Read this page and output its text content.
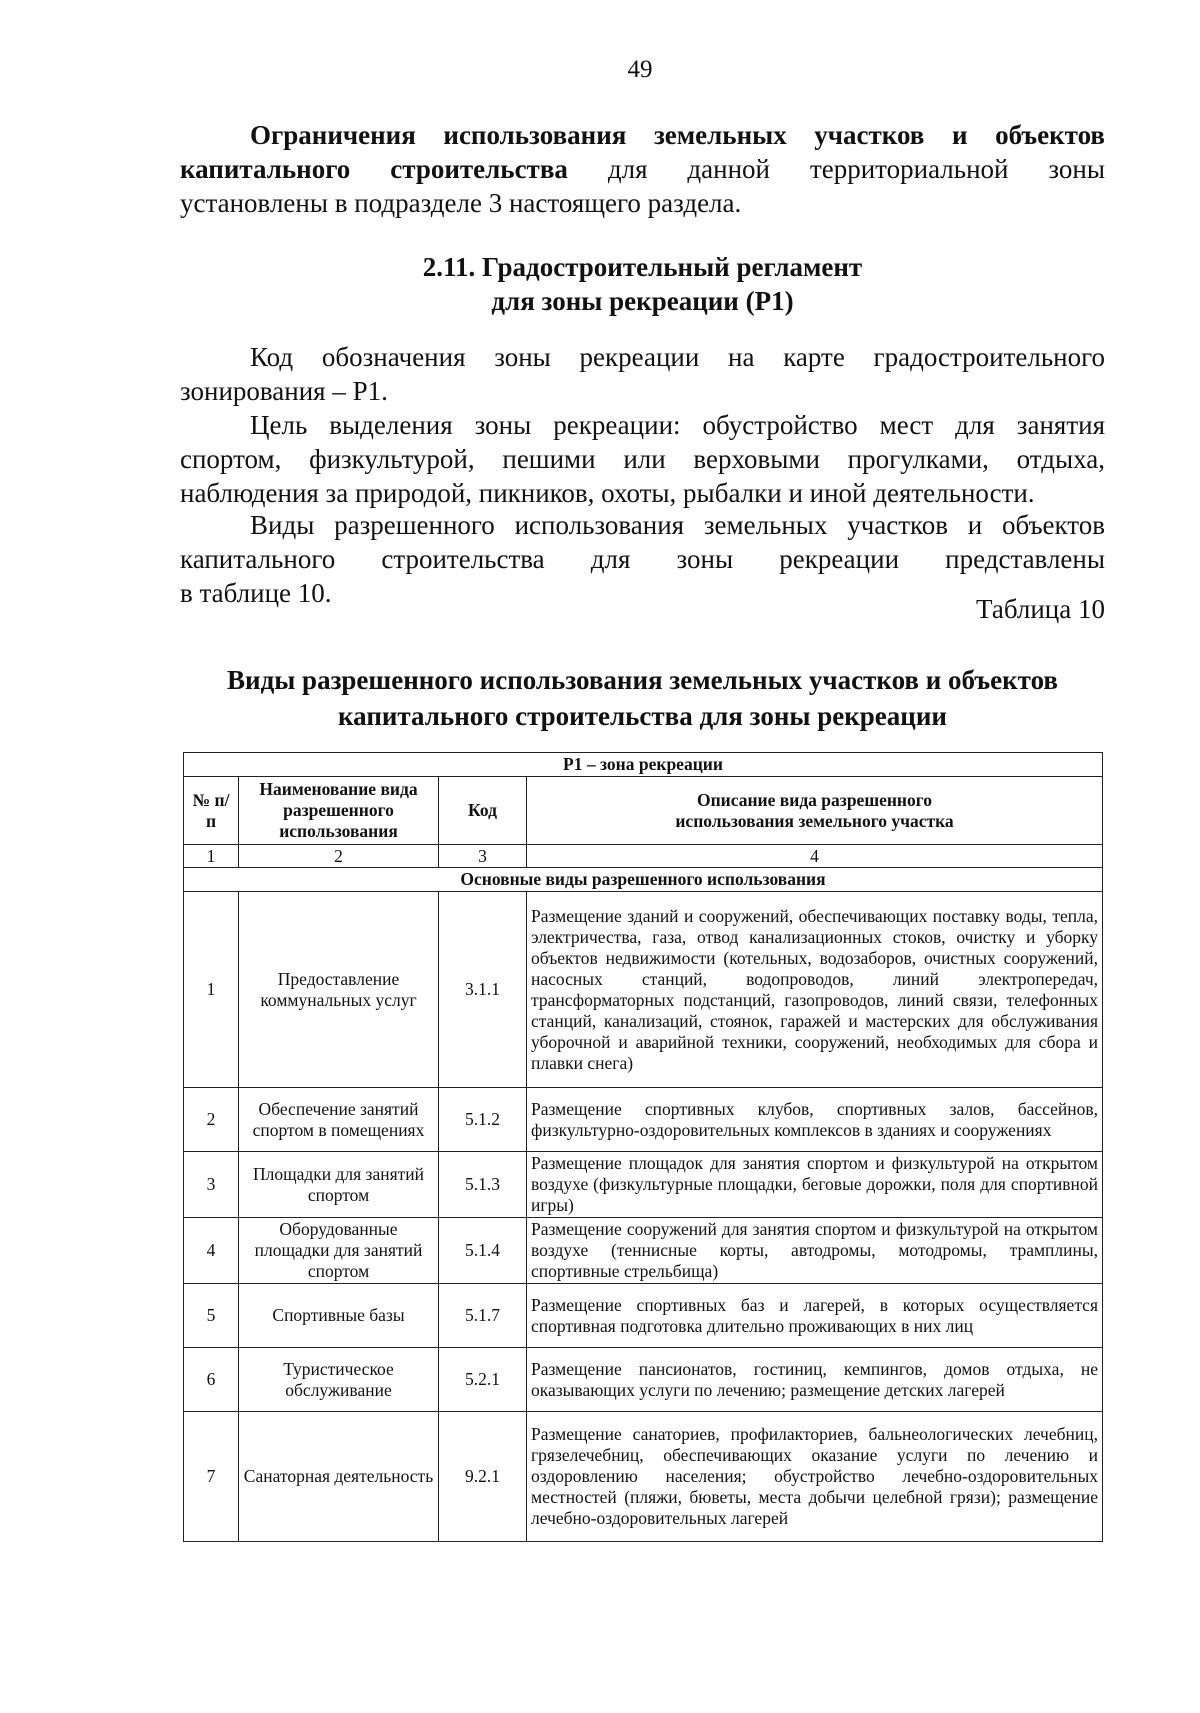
49
Ограничения использования земельных участков и объектов
капитального строительства для данной территориальной зоны
установлены в подразделе 3 настоящего раздела.
2.11. Градостроительный регламент
для зоны рекреации (Р1)
Код обозначения зоны рекреации на карте градостроительного
зонирования – Р1.
Цель выделения зоны рекреации: обустройство мест для занятия
спортом, физкультурой, пешими или верховыми прогулками, отдыха,
наблюдения за природой, пикников, охоты, рыбалки и иной деятельности.
Виды разрешенного использования земельных участков и объектов
капитального строительства для зоны рекреации представлены
в таблице 10.
Таблица 10
Виды разрешенного использования земельных участков и объектов
капитального строительства для зоны рекреации
Р1 – зона рекреации			
№ п/п	Наименование вида разрешенного использования	Код	Описание вида разрешенного использования земельного участка
1	2	3	4
Основные виды разрешенного использования			
1	Предоставление коммунальных услуг	3.1.1	Размещение зданий и сооружений, обеспечивающих поставку воды, тепла, электричества, газа, отвод канализационных стоков, очистку и уборку объектов недвижимости (котельных, водозаборов, очистных сооружений, насосных станций, водопроводов, линий электропередач, трансформаторных подстанций, газопроводов, линий связи, телефонных станций, канализаций, стоянок, гаражей и мастерских для обслуживания уборочной и аварийной техники, сооружений, необходимых для сбора и плавки снега)
2	Обеспечение занятий спортом в помещениях	5.1.2	Размещение спортивных клубов, спортивных залов, бассейнов, физкультурно-оздоровительных комплексов в зданиях и сооружениях
3	Площадки для занятий спортом	5.1.3	Размещение площадок для занятия спортом и физкультурой на открытом воздухе (физкультурные площадки, беговые дорожки, поля для спортивной игры)
4	Оборудованные площадки для занятий спортом	5.1.4	Размещение сооружений для занятия спортом и физкультурой на открытом воздухе (теннисные корты, автодромы, мотодромы, трамплины, спортивные стрельбища)
5	Спортивные базы	5.1.7	Размещение спортивных баз и лагерей, в которых осуществляется спортивная подготовка длительно проживающих в них лиц
6	Туристическое обслуживание	5.2.1	Размещение пансионатов, гостиниц, кемпингов, домов отдыха, не оказывающих услуги по лечению; размещение детских лагерей
7	Санаторная деятельность	9.2.1	Размещение санаториев, профилакториев, бальнеологических лечебниц, грязелечебниц, обеспечивающих оказание услуги по лечению и оздоровлению населения; обустройство лечебно-оздоровительных местностей (пляжи, бюветы, места добычи целебной грязи); размещение лечебно-оздоровительных лагерей
